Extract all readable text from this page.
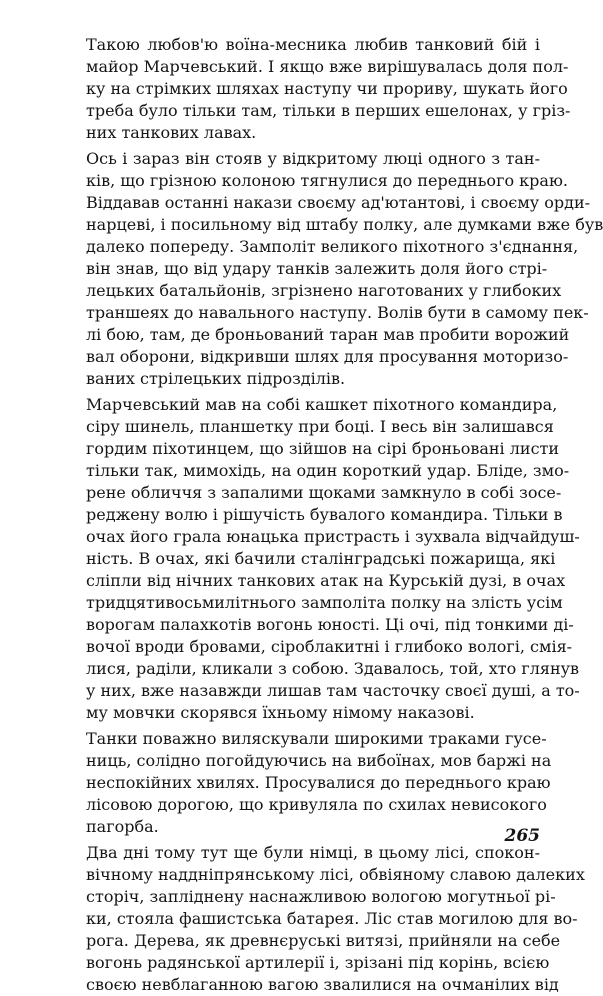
Такою любов'ю воїна-месника любив танковий бій і
майор Марчевський. І якщо вже вирішувалась доля пол-
ку на стрімких шляхах наступу чи прориву, шукать його
треба було тільки там, тільки в перших ешелонах, у гріз-
них танкових лавах.
Ось і зараз він стояв у відкритому люці одного з тан-
ків, що грізною колоною тягнулися до переднього краю.
Віддавав останні накази своєму ад'ютантові, і своєму орди-
нарцеві, і посильному від штабу полку, але думками вже був
далеко попереду. Замполіт великого піхотного з'єднання,
він знав, що від удару танків залежить доля його стрі-
лецьких батальйонів, згрізнено наготованих у глибоких
траншеях до навального наступу. Волів бути в самому пек-
лі бою, там, де броньований таран мав пробити ворожий
вал оборони, відкривши шлях для просування моторизо-
ваних стрілецьких підрозділів.
Марчевський мав на собі кашкет піхотного командира,
сіру шинель, планшетку при боці. І весь він залишався
гордим піхотинцем, що зійшов на сірі броньовані листи
тільки так, мимохідь, на один короткий удар. Бліде, змо-
рене обличчя з запалими щоками замкнуло в собі зосе-
реджену волю і рішучість бувалого командира. Тільки в
очах його грала юнацька пристрасть і зухвала відчайдуш-
ність. В очах, які бачили сталінградські пожарища, які
сліпли від нічних танкових атак на Курській дузі, в очах
тридцятивосьмилітнього замполіта полку на злість усім
ворогам палахкотів вогонь юності. Ці очі, під тонкими ді-
вочої вроди бровами, сіроблакитні і глибоко вологі, смія-
лися, раділи, кликали з собою. Здавалось, той, хто глянув
у них, вже назавжди лишав там часточку своєї душі, а то-
му мовчки скорявся їхньому німому наказові.
Танки поважно виляскували широкими траками гусе-
ниць, солідно погойдуючись на вибоїнах, мов баржі на
неспокійних хвилях. Просувалися до переднього краю
лісовою дорогою, що кривуляла по схилах невисокого
пагорба.
Два дні тому тут ще були німці, в цьому лісі, спокон-
вічному наддніпрянському лісі, обвіяному славою далеких
сторіч, запліднену наснажливою вологою могутньої рі-
ки, стояла фашистська батарея. Ліс став могилою для во-
рога. Дерева, як древнєруські витязі, прийняли на себе
вогонь радянської артилерії і, зрізані під корінь, всією
своєю невблаганною вагою звалилися на очманілих від
265
